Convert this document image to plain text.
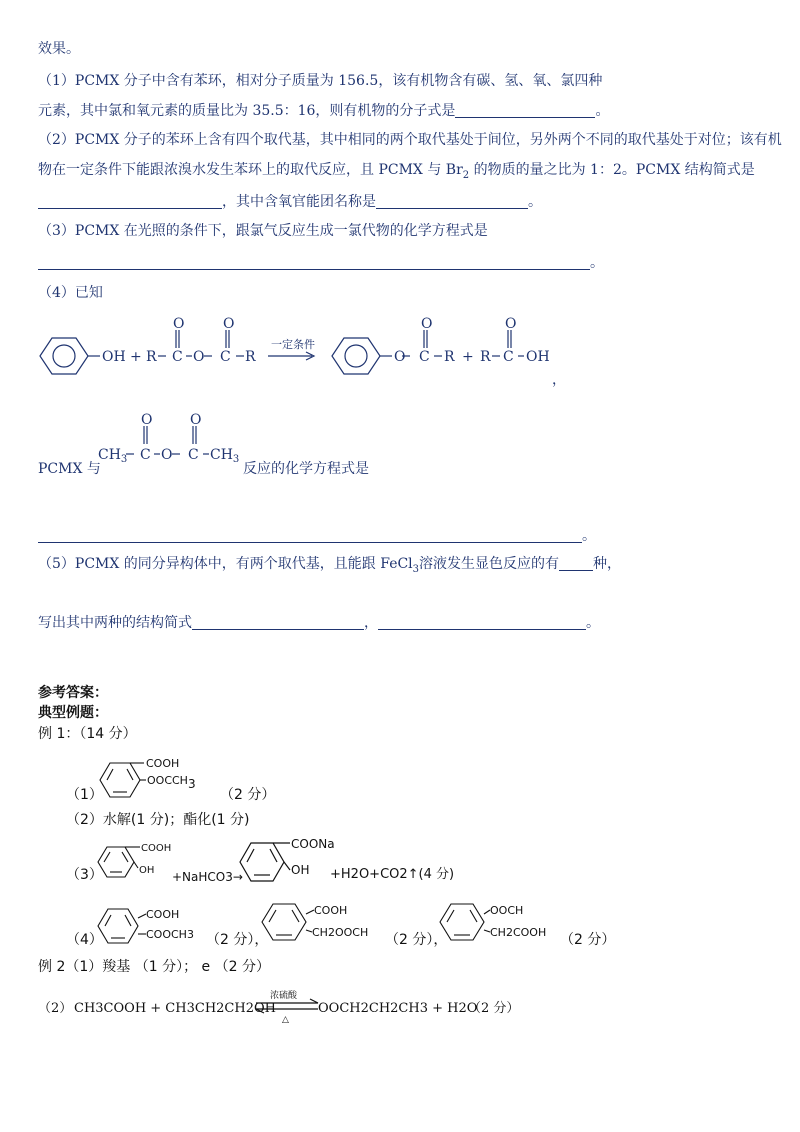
效果。
（1）PCMX 分子中含有苯环，相对分子质量为 156.5，该有机物含有碳、氢、氧、氯四种
元素，其中氯和氧元素的质量比为 35.5：16，则有机物的分子式是	。
（2）PCMX 分子的苯环上含有四个取代基，其中相同的两个取代基处于间位，另外两个不同的取代基处于对位；该有机
物在一定条件下能跟浓溴水发生苯环上的取代反应，且 PCMX 与 $Br_2$ 的物质的量之比为 1：2。PCMX 结构简式是
，其中含氧官能团名称是	。
（3）PCMX 在光照的条件下，跟氯气反应生成一氯代物的化学方程式是
。
（4）已知
OH + R
O
C O
O
C R
一定条件
O
O
C R + R
O
C OH
，
PCMX 与
$CH_3$
O
C O
O
C $CH_3$
反应的化学方程式是
。
（5）PCMX 的同分异构体中，有两个取代基，且能跟 FeCl$_3$溶液发生显色反应的有 种，
写出其中两种的结构简式	，	。
参考答案：
典型例题：
例 1：（14 分）
（1）
COOH
OOCCH3
（2 分）
（2）水解(1 分)；酯化(1 分)
（3）
COOH
OH +NaHCO3→
COONa
OH +H2O+CO2↑(4 分)
（4）
COOH
COOCH3 （2 分），
COOH
CH2OOCH （2 分），
OOCH
CH2COOH （2 分）
例 2（1）羧基 （1 分）； e （2 分）
（2） CH3COOH + CH3CH2CH2OH
浓硫酸
△
OOCH2CH2CH3 + H2O
（2 分）
